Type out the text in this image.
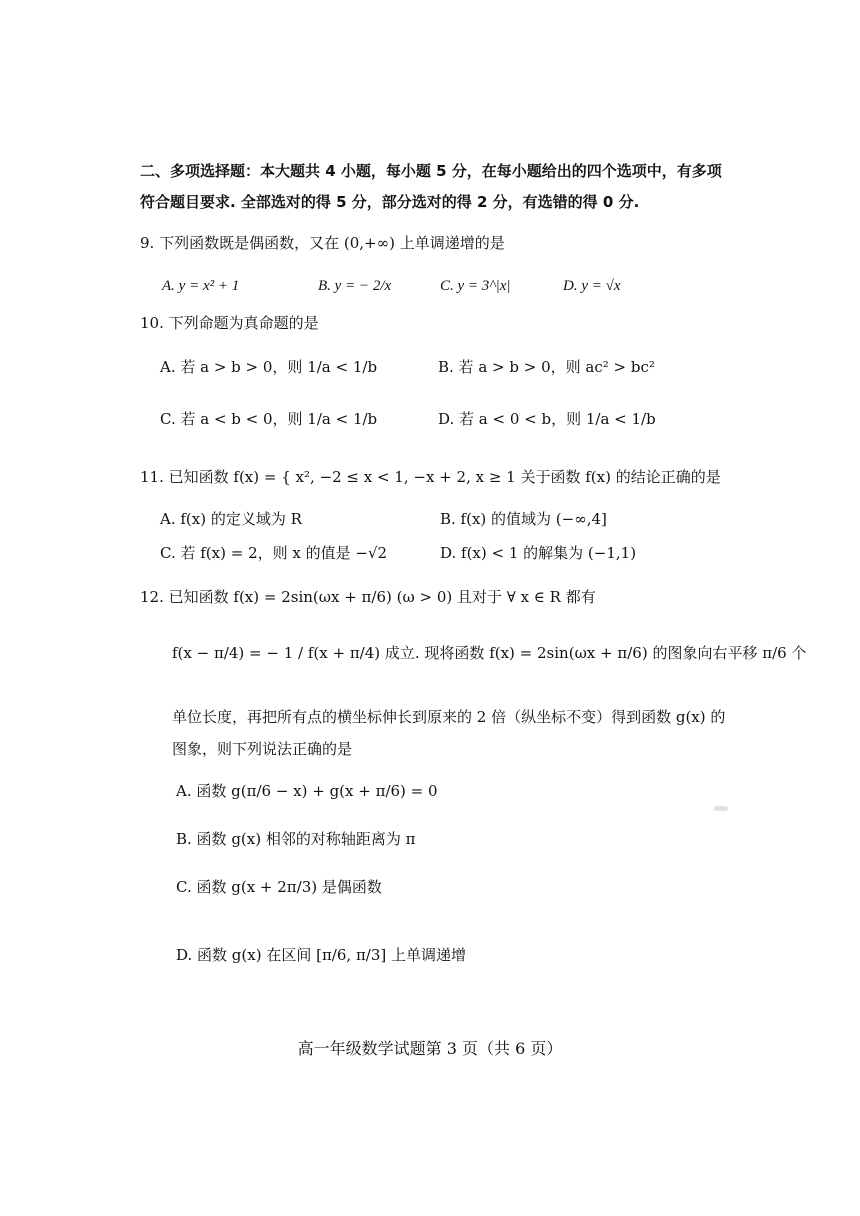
二、多项选择题：本大题共 4 小题，每小题 5 分，在每小题给出的四个选项中，有多项
符合题目要求. 全部选对的得 5 分，部分选对的得 2 分，有选错的得 0 分.
9. 下列函数既是偶函数，又在 (0,+∞) 上单调递增的是
A. y = x² + 1	B. y = − 2/x	C. y = 3^|x|	D. y = √x
10. 下列命题为真命题的是
A. 若 a > b > 0，则 1/a < 1/b	B. 若 a > b > 0，则 ac² > bc²
C. 若 a < b < 0，则 1/a < 1/b	D. 若 a < 0 < b，则 1/a < 1/b
11. 已知函数 f(x) = { x², −2 ≤ x < 1, −x + 2, x ≥ 1 关于函数 f(x) 的结论正确的是
A. f(x) 的定义域为 R	B. f(x) 的值域为 (−∞,4]
C. 若 f(x) = 2，则 x 的值是 −√2	D. f(x) < 1 的解集为 (−1,1)
12. 已知函数 f(x) = 2sin(ωx + π/6) (ω > 0) 且对于 ∀ x ∈ R 都有
f(x − π/4) = − 1 / f(x + π/4) 成立. 现将函数 f(x) = 2sin(ωx + π/6) 的图象向右平移 π/6 个
单位长度，再把所有点的横坐标伸长到原来的 2 倍（纵坐标不变）得到函数 g(x) 的
图象，则下列说法正确的是
A. 函数 g(π/6 − x) + g(x + π/6) = 0
B. 函数 g(x) 相邻的对称轴距离为 π
C. 函数 g(x + 2π/3) 是偶函数
D. 函数 g(x) 在区间 [π/6, π/3] 上单调递增
高一年级数学试题第 3 页（共 6 页）
